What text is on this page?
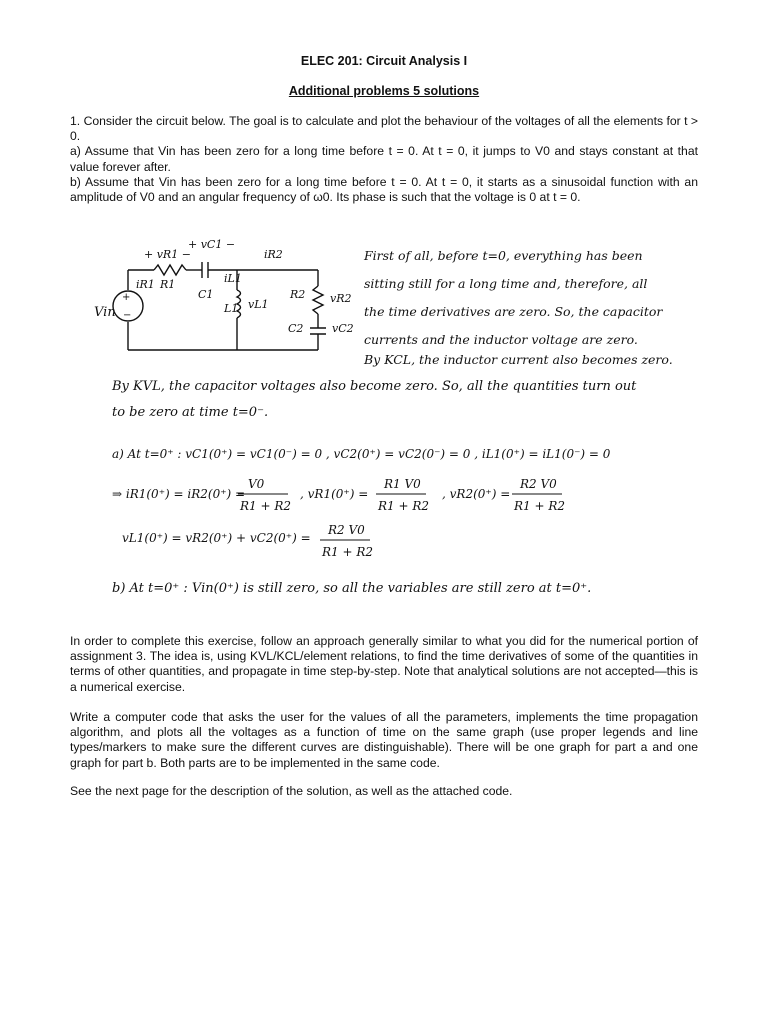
ELEC 201: Circuit Analysis I
Additional problems 5 solutions
1. Consider the circuit below. The goal is to calculate and plot the behaviour of the voltages of all the elements for t > 0.
a) Assume that Vin has been zero for a long time before t = 0. At t = 0, it jumps to V0 and stays constant at that value forever after.
b) Assume that Vin has been zero for a long time before t = 0. At t = 0, it starts as a sinusoidal function with an amplitude of V0 and an angular frequency of ω0. Its phase is such that the voltage is 0 at t = 0.
+
−
+ vR1 −
+ vC1 −
iR2
iR1 R1
C1
iL1
L1 vL1
R2 vR2
C2	vC2
Vin
First of all, before t=0, everything has been
sitting still for a long time and, therefore, all
the time derivatives are zero. So, the capacitor
currents and the inductor voltage are zero.
By KCL, the inductor current also becomes zero.
By KVL, the capacitor voltages also become zero. So, all the quantities turn out
to be zero at time t=0⁻.
a) At t=0⁺ : vC1(0⁺) = vC1(0⁻) = 0 , vC2(0⁺) = vC2(0⁻) = 0 , iL1(0⁺) = iL1(0⁻) = 0
⇒ iR1(0⁺) = iR2(0⁺) =
V0
R1 + R2
, vR1(0⁺) =
R1 V0
R1 + R2
, vR2(0⁺) =
R2 V0
R1 + R2
vL1(0⁺) = vR2(0⁺) + vC2(0⁺) =
R2 V0
R1 + R2
b) At t=0⁺ : Vin(0⁺) is still zero, so all the variables are still zero at t=0⁺.
In order to complete this exercise, follow an approach generally similar to what you did for the numerical portion of assignment 3. The idea is, using KVL/KCL/element relations, to find the time derivatives of some of the quantities in terms of other quantities, and propagate in time step-by-step. Note that analytical solutions are not accepted—this is a numerical exercise.
Write a computer code that asks the user for the values of all the parameters, implements the time propagation algorithm, and plots all the voltages as a function of time on the same graph (use proper legends and line types/markers to make sure the different curves are distinguishable). There will be one graph for part a and one graph for part b. Both parts are to be implemented in the same code.
See the next page for the description of the solution, as well as the attached code.
